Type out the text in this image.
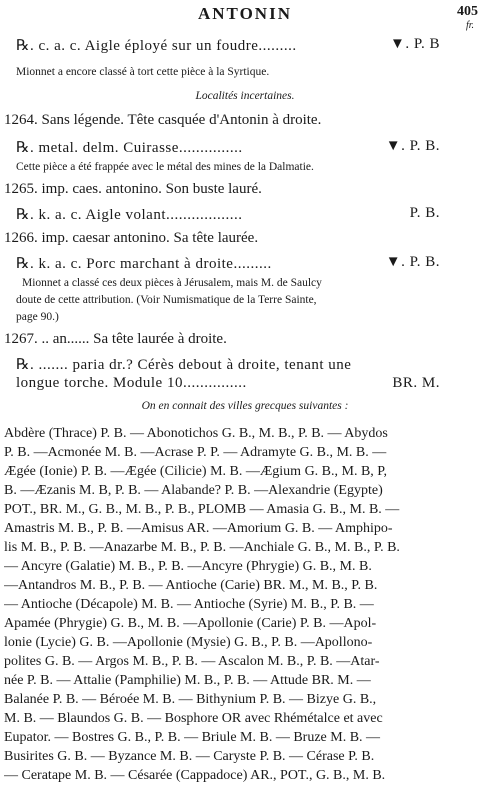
ANTONIN	405
fr.
℞. c. a. c. Aigle éployé sur un foudre.........	▼. P. B
Mionnet a encore classé à tort cette pièce à la Syrtique.
Localités incertaines.
1264. Sans légende. Tête casquée d'Antonin à droite.
℞. metal. delm. Cuirasse...............	▼. P. B.
Cette pièce a été frappée avec le métal des mines de la Dalmatie.
1265. imp. caes. antonino. Son buste lauré.
℞. k. a. c. Aigle volant..................	P. B.
1266. imp. caesar antonino. Sa tête laurée.
℞. k. a. c. Porc marchant à droite.........	▼. P. B.
Mionnet a classé ces deux pièces à Jérusalem, mais M. de Saulcy
doute de cette attribution. (Voir Numismatique de la Terre Sainte,
page 90.)
1267. .. an...... Sa tête laurée à droite.
℞. ....... paria dr.? Cérès debout à droite, tenant une
longue torche. Module 10...............	BR. M.
On en connait des villes grecques suivantes :
Abdère (Thrace) P. B. — Abonotichos G. B., M. B., P. B. — Abydos
P. B. —Acmonée M. B. —Acrase P. P. — Adramyte G. B., M. B. —
Ægée (Ionie) P. B. —Ægée (Cilicie) M. B. —Ægium G. B., M. B, P,
B. —Æzanis M. B, P. B. — Alabande? P. B. —Alexandrie (Egypte)
POT., BR. M., G. B., M. B., P. B., PLOMB — Amasia G. B., M. B. —
Amastris M. B., P. B. —Amisus AR. —Amorium G. B. — Amphipo-
lis M. B., P. B. —Anazarbe M. B., P. B. —Anchiale G. B., M. B., P. B.
— Ancyre (Galatie) M. B., P. B. —Ancyre (Phrygie) G. B., M. B.
—Antandros M. B., P. B. — Antioche (Carie) BR. M., M. B., P. B.
— Antioche (Décapole) M. B. — Antioche (Syrie) M. B., P. B. —
Apamée (Phrygie) G. B., M. B. —Apollonie (Carie) P. B. —Apol-
lonie (Lycie) G. B. —Apollonie (Mysie) G. B., P. B. —Apollono-
polites G. B. — Argos M. B., P. B. — Ascalon M. B., P. B. —Atar-
née P. B. — Attalie (Pamphilie) M. B., P. B. — Attude BR. M. —
Balanée P. B. — Béroée M. B. — Bithynium P. B. — Bizye G. B.,
M. B. — Blaundos G. B. — Bosphore OR avec Rhémétalce et avec
Eupator. — Bostres G. B., P. B. — Briule M. B. — Bruze M. B. —
Busirites G. B. — Byzance M. B. — Caryste P. B. — Cérase P. B.
— Ceratape M. B. — Césarée (Cappadoce) AR., POT., G. B., M. B.
